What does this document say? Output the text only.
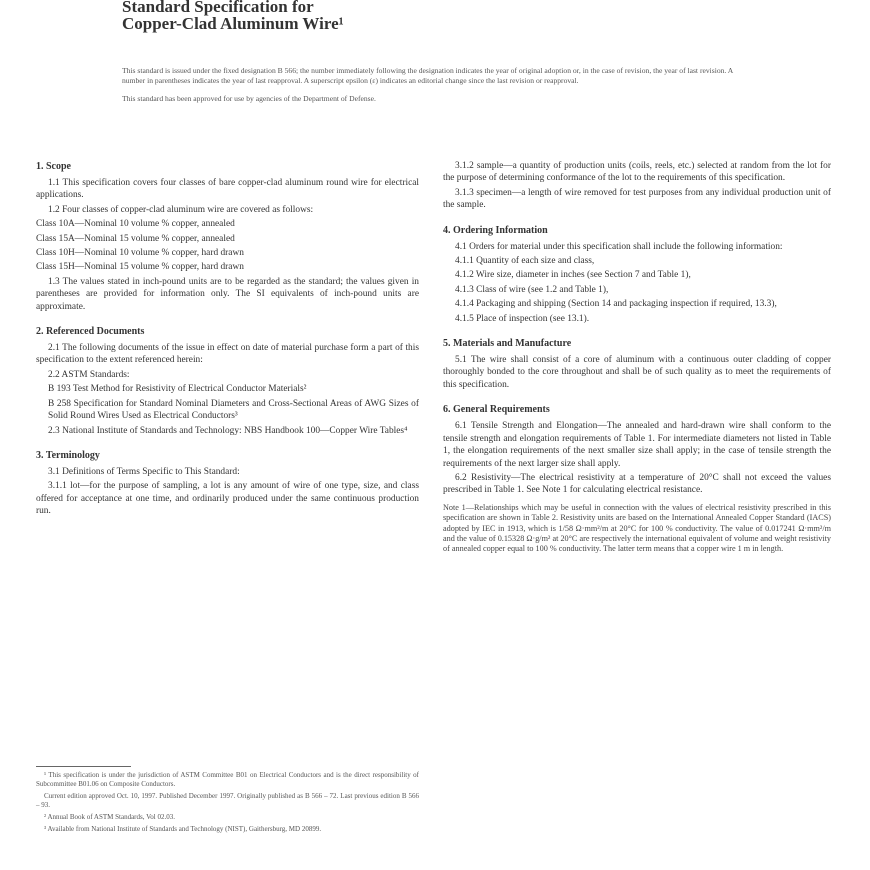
Standard Specification for
Copper-Clad Aluminum Wire¹

This standard is issued under the fixed designation B 566; the number immediately following the designation indicates the year of original adoption or, in the case of revision, the year of last revision. A number in parentheses indicates the year of last reapproval. A superscript epsilon (ε) indicates an editorial change since the last revision or reapproval.

This standard has been approved for use by agencies of the Department of Defense.

1. Scope

1.1 This specification covers four classes of bare copper-clad aluminum round wire for electrical applications.

1.2 Four classes of copper-clad aluminum wire are covered as follows:

Class 10A—Nominal 10 volume % copper, annealed

Class 15A—Nominal 15 volume % copper, annealed

Class 10H—Nominal 10 volume % copper, hard drawn

Class 15H—Nominal 15 volume % copper, hard drawn

1.3 The values stated in inch-pound units are to be regarded as the standard; the values given in parentheses are provided for information only. The SI equivalents of inch-pound units are approximate.

2. Referenced Documents

2.1 The following documents of the issue in effect on date of material purchase form a part of this specification to the extent referenced herein:

2.2 ASTM Standards:

B 193 Test Method for Resistivity of Electrical Conductor Materials²

B 258 Specification for Standard Nominal Diameters and Cross-Sectional Areas of AWG Sizes of Solid Round Wires Used as Electrical Conductors³

2.3 National Institute of Standards and Technology: NBS Handbook 100—Copper Wire Tables⁴

3. Terminology

3.1 Definitions of Terms Specific to This Standard:

3.1.1 lot—for the purpose of sampling, a lot is any amount of wire of one type, size, and class offered for acceptance at one time, and ordinarily produced under the same continuous production run.

¹ This specification is under the jurisdiction of ASTM Committee B01 on Electrical Conductors and is the direct responsibility of Subcommittee B01.06 on Composite Conductors.

Current edition approved Oct. 10, 1997. Published December 1997. Originally published as B 566 – 72. Last previous edition B 566 – 93.

² Annual Book of ASTM Standards, Vol 02.03.

³ Available from National Institute of Standards and Technology (NIST), Gaithersburg, MD 20899.

3.1.2 sample—a quantity of production units (coils, reels, etc.) selected at random from the lot for the purpose of determining conformance of the lot to the requirements of this specification.

3.1.3 specimen—a length of wire removed for test purposes from any individual production unit of the sample.

4. Ordering Information

4.1 Orders for material under this specification shall include the following information:

4.1.1 Quantity of each size and class,

4.1.2 Wire size, diameter in inches (see Section 7 and Table 1),

4.1.3 Class of wire (see 1.2 and Table 1),

4.1.4 Packaging and shipping (Section 14 and packaging inspection if required, 13.3),

4.1.5 Place of inspection (see 13.1).

5. Materials and Manufacture

5.1 The wire shall consist of a core of aluminum with a continuous outer cladding of copper thoroughly bonded to the core throughout and shall be of such quality as to meet the requirements of this specification.

6. General Requirements

6.1 Tensile Strength and Elongation—The annealed and hard-drawn wire shall conform to the tensile strength and elongation requirements of Table 1. For intermediate diameters not listed in Table 1, the elongation requirements of the next smaller size shall apply; in the case of tensile strength the requirements of the next larger size shall apply.

6.2 Resistivity—The electrical resistivity at a temperature of 20°C shall not exceed the values prescribed in Table 1. See Note 1 for calculating electrical resistance.

Note 1—Relationships which may be useful in connection with the values of electrical resistivity prescribed in this specification are shown in Table 2. Resistivity units are based on the International Annealed Copper Standard (IACS) adopted by IEC in 1913, which is 1/58 Ω·mm²/m at 20°C for 100 % conductivity. The value of 0.017241 Ω·mm²/m and the value of 0.15328 Ω·g/m² at 20°C are respectively the international equivalent of volume and weight resistivity of annealed copper equal to 100 % conductivity. The latter term means that a copper wire 1 m in length.
